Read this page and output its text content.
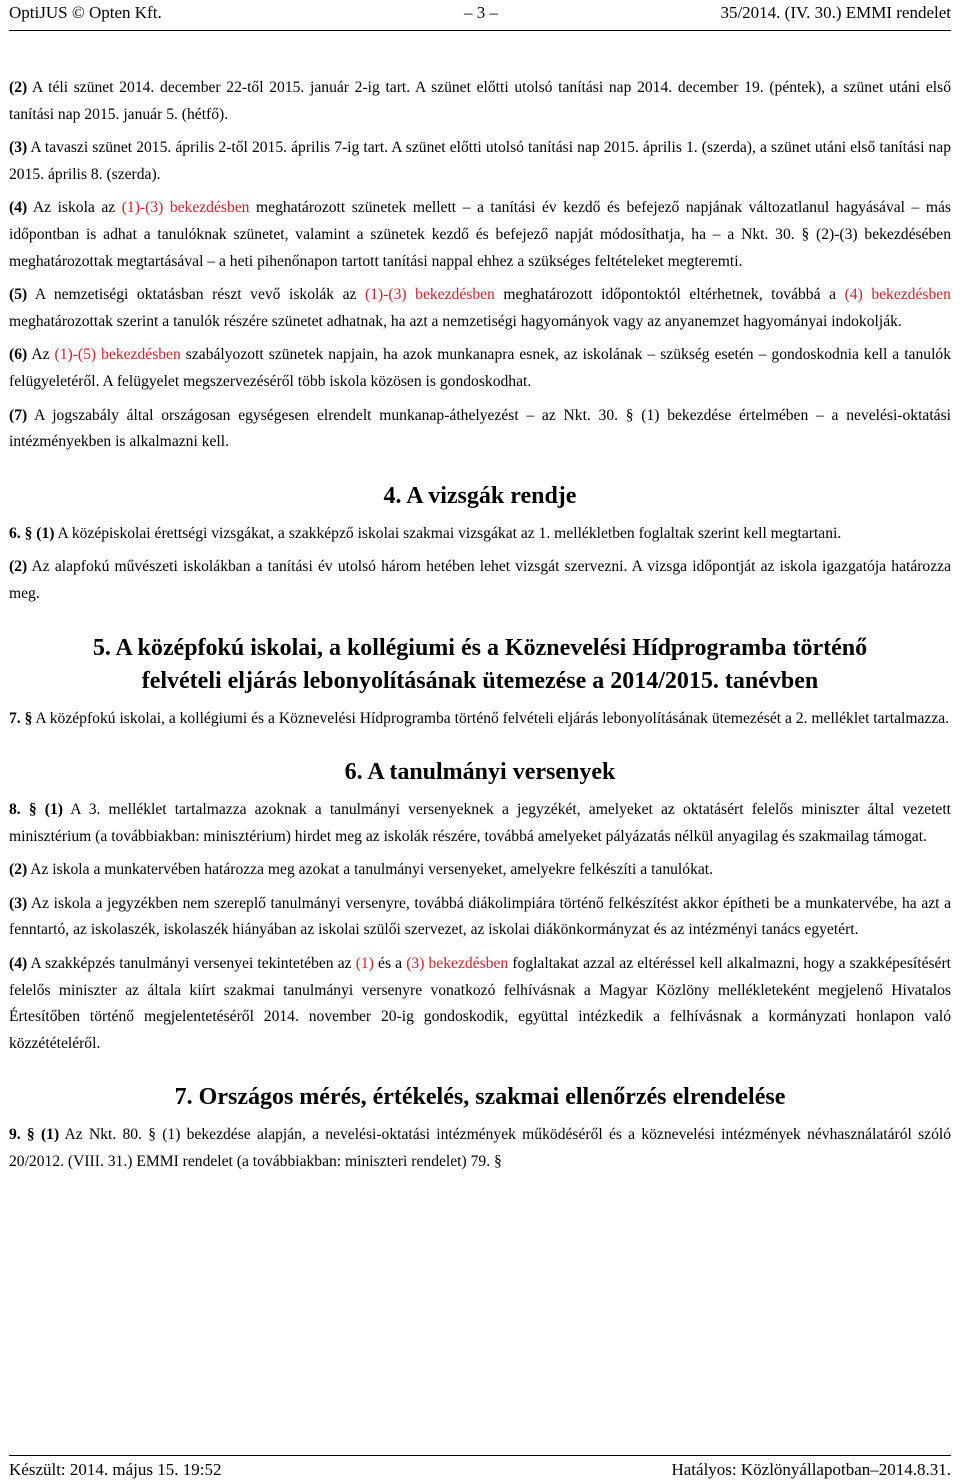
OptiJUS © Opten Kft.	– 3 –	35/2014. (IV. 30.) EMMI rendelet

(2) A téli szünet 2014. december 22-től 2015. január 2-ig tart. A szünet előtti utolsó tanítási nap 2014. december 19. (péntek), a szünet utáni első tanítási nap 2015. január 5. (hétfő).

(3) A tavaszi szünet 2015. április 2-től 2015. április 7-ig tart. A szünet előtti utolsó tanítási nap 2015. április 1. (szerda), a szünet utáni első tanítási nap 2015. április 8. (szerda).

(4) Az iskola az (1)-(3) bekezdésben meghatározott szünetek mellett – a tanítási év kezdő és befejező napjának változatlanul hagyásával – más időpontban is adhat a tanulóknak szünetet, valamint a szünetek kezdő és befejező napját módosíthatja, ha – a Nkt. 30. § (2)-(3) bekezdésében meghatározottak megtartásával – a heti pihenőnapon tartott tanítási nappal ehhez a szükséges feltételeket megteremti.

(5) A nemzetiségi oktatásban részt vevő iskolák az (1)-(3) bekezdésben meghatározott időpontoktól eltérhetnek, továbbá a (4) bekezdésben meghatározottak szerint a tanulók részére szünetet adhatnak, ha azt a nemzetiségi hagyományok vagy az anyanemzet hagyományai indokolják.

(6) Az (1)-(5) bekezdésben szabályozott szünetek napjain, ha azok munkanapra esnek, az iskolának – szükség esetén – gondoskodnia kell a tanulók felügyeletéről. A felügyelet megszervezéséről több iskola közösen is gondoskodhat.

(7) A jogszabály által országosan egységesen elrendelt munkanap-áthelyezést – az Nkt. 30. § (1) bekezdése értelmében – a nevelési-oktatási intézményekben is alkalmazni kell.

4. A vizsgák rendje

6. § (1) A középiskolai érettségi vizsgákat, a szakképző iskolai szakmai vizsgákat az 1. mellékletben foglaltak szerint kell megtartani.

(2) Az alapfokú művészeti iskolákban a tanítási év utolsó három hetében lehet vizsgát szervezni. A vizsga időpontját az iskola igazgatója határozza meg.

5. A középfokú iskolai, a kollégiumi és a Köznevelési Hídprogramba történő
felvételi eljárás lebonyolításának ütemezése a 2014/2015. tanévben

7. § A középfokú iskolai, a kollégiumi és a Köznevelési Hídprogramba történő felvételi eljárás lebonyolításának ütemezését a 2. melléklet tartalmazza.

6. A tanulmányi versenyek

8. § (1) A 3. melléklet tartalmazza azoknak a tanulmányi versenyeknek a jegyzékét, amelyeket az oktatásért felelős miniszter által vezetett minisztérium (a továbbiakban: minisztérium) hirdet meg az iskolák részére, továbbá amelyeket pályázatás nélkül anyagilag és szakmailag támogat.

(2) Az iskola a munkatervében határozza meg azokat a tanulmányi versenyeket, amelyekre felkészíti a tanulókat.

(3) Az iskola a jegyzékben nem szereplő tanulmányi versenyre, továbbá diákolimpiára történő felkészítést akkor építheti be a munkatervébe, ha azt a fenntartó, az iskolaszék, iskolaszék hiányában az iskolai szülői szervezet, az iskolai diákönkormányzat és az intézményi tanács egyetért.

(4) A szakképzés tanulmányi versenyei tekintetében az (1) és a (3) bekezdésben foglaltakat azzal az eltéréssel kell alkalmazni, hogy a szakképesítésért felelős miniszter az általa kiírt szakmai tanulmányi versenyre vonatkozó felhívásnak a Magyar Közlöny mellékleteként megjelenő Hivatalos Értesítőben történő megjelentetéséről 2014. november 20-ig gondoskodik, együttal intézkedik a felhívásnak a kormányzati honlapon való közzétételéről.

7. Országos mérés, értékelés, szakmai ellenőrzés elrendelése

9. § (1) Az Nkt. 80. § (1) bekezdése alapján, a nevelési-oktatási intézmények működéséről és a köznevelési intézmények névhasználatáról szóló 20/2012. (VIII. 31.) EMMI rendelet (a továbbiakban: miniszteri rendelet) 79. §

Készült: 2014. május 15. 19:52	Hatályos: Közlönyállapotban–2014.8.31.
